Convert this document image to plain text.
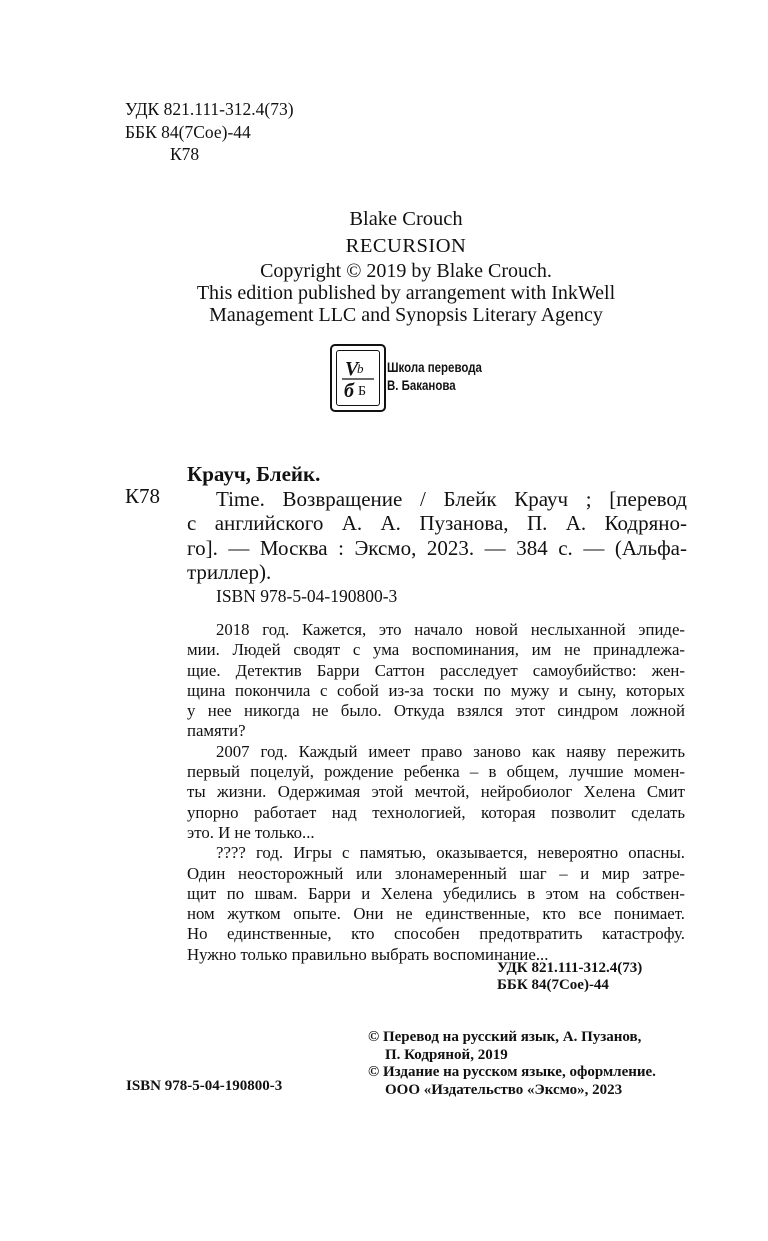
УДК 821.111-312.4(73)
ББК 84(7Сое)-44
К78
Blake Crouch
RECURSION
Copyright © 2019 by Blake Crouch.
This edition published by arrangement with InkWell
Management LLC and Synopsis Literary Agency
V
b
б Б
Школа перевода
В. Баканова
К78
Крауч, Блейк.
Time. Возвращение / Блейк Крауч ; [перевод
с английского А. А. Пузанова, П. А. Кодряно-
го]. — Москва : Эксмо, 2023. — 384 с. — (Альфа-
триллер).
ISBN 978-5-04-190800-3
2018 год. Кажется, это начало новой неслыханной эпиде-
мии. Людей сводят с ума воспоминания, им не принадлежа-
щие. Детектив Барри Саттон расследует самоубийство: жен-
щина покончила с собой из-за тоски по мужу и сыну, которых
у нее никогда не было. Откуда взялся этот синдром ложной
памяти?
2007 год. Каждый имеет право заново как наяву пережить
первый поцелуй, рождение ребенка – в общем, лучшие момен-
ты жизни. Одержимая этой мечтой, нейробиолог Хелена Смит
упорно работает над технологией, которая позволит сделать
это. И не только...
???? год. Игры с памятью, оказывается, невероятно опасны.
Один неосторожный или злонамеренный шаг – и мир затре-
щит по швам. Барри и Хелена убедились в этом на собствен-
ном жутком опыте. Они не единственные, кто все понимает.
Но единственные, кто способен предотвратить катастрофу.
Нужно только правильно выбрать воспоминание...
УДК 821.111-312.4(73)
ББК 84(7Сое)-44
© Перевод на русский язык, А. Пузанов,
П. Кодряной, 2019
© Издание на русском языке, оформление.
ООО «Издательство «Эксмо», 2023
ISBN 978-5-04-190800-3
